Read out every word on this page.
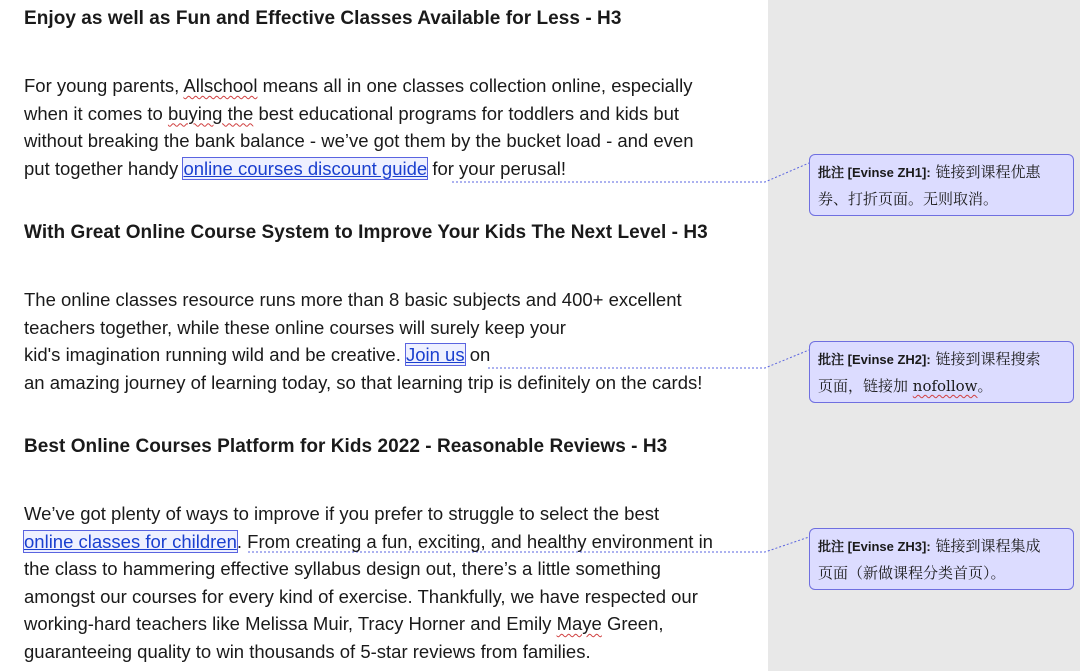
Enjoy as well as Fun and Effective Classes Available for Less - H3
For young parents, Allschool means all in one classes collection online, especially
when it comes to buying the best educational programs for toddlers and kids but
without breaking the bank balance - we’ve got them by the bucket load - and even
put together handy online courses discount guide for your perusal!
With Great Online Course System to Improve Your Kids The Next Level - H3
The online classes resource runs more than 8 basic subjects and 400+ excellent
teachers together, while these online courses will surely keep your
kid's imagination running wild and be creative. Join us on
an amazing journey of learning today, so that learning trip is definitely on the cards!
Best Online Courses Platform for Kids 2022 - Reasonable Reviews - H3
We’ve got plenty of ways to improve if you prefer to struggle to select the best
online classes for children. From creating a fun, exciting, and healthy environment in
the class to hammering effective syllabus design out, there’s a little something
amongst our courses for every kind of exercise. Thankfully, we have respected our
working-hard teachers like Melissa Muir, Tracy Horner and Emily Maye Green,
guaranteeing quality to win thousands of 5-star reviews from families.
批注 [Evinse ZH1]: 链接到课程优惠
券、打折页面。无则取消。
批注 [Evinse ZH2]: 链接到课程搜索
页面，链接加 nofollow。
批注 [Evinse ZH3]: 链接到课程集成
页面（新做课程分类首页）。
